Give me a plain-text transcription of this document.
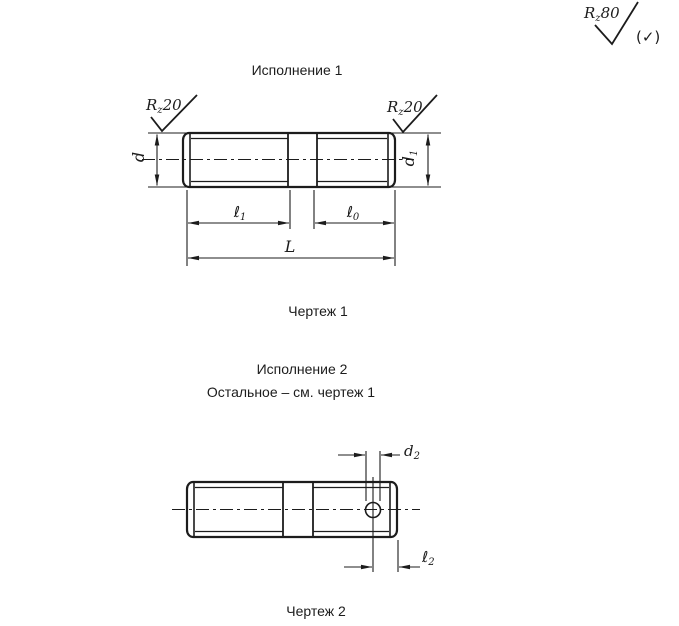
$R_z80$
(✓)
Исполнение 1
$R_z20$	$R_z20$
d	d1
ℓ$_1$	ℓ$_0$
L
Чертеж 1
Исполнение 2
Остальное – см. чертеж 1
$d_2$
ℓ$_2$
Чертеж 2
